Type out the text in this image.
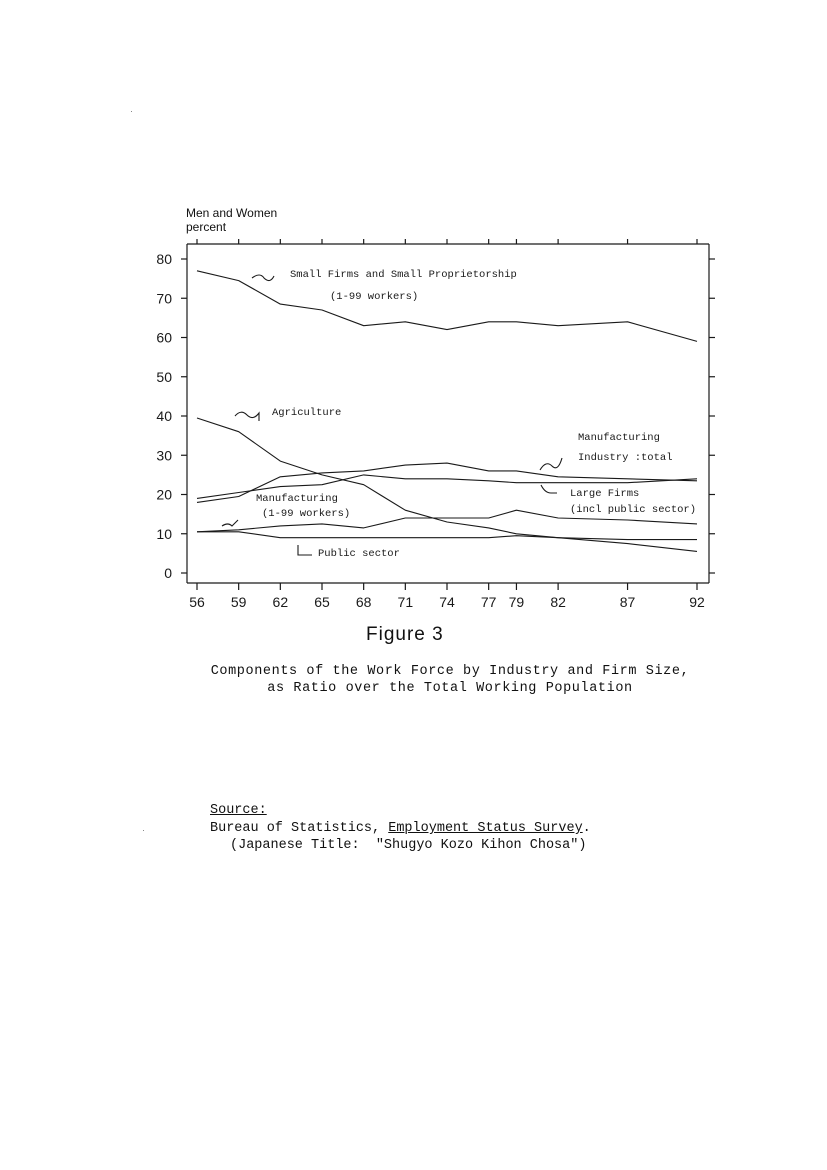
0
10
20
30
40
50
60
70
80
56 59 62 65 68 71 74 77 79 82	87	92
Small Firms and Small Proprietorship
(1-99 workers)
Agriculture
Manufacturing
Industry :total
Large Firms
(incl public sector)
Manufacturing
(1-99 workers)
Public sector
Men and Women
percent
Figure 3
Components of the Work Force by Industry and Firm Size,
as Ratio over the Total Working Population
Source:
Bureau of Statistics, Employment Status Survey.
(Japanese Title:  "Shugyo Kozo Kihon Chosa")
